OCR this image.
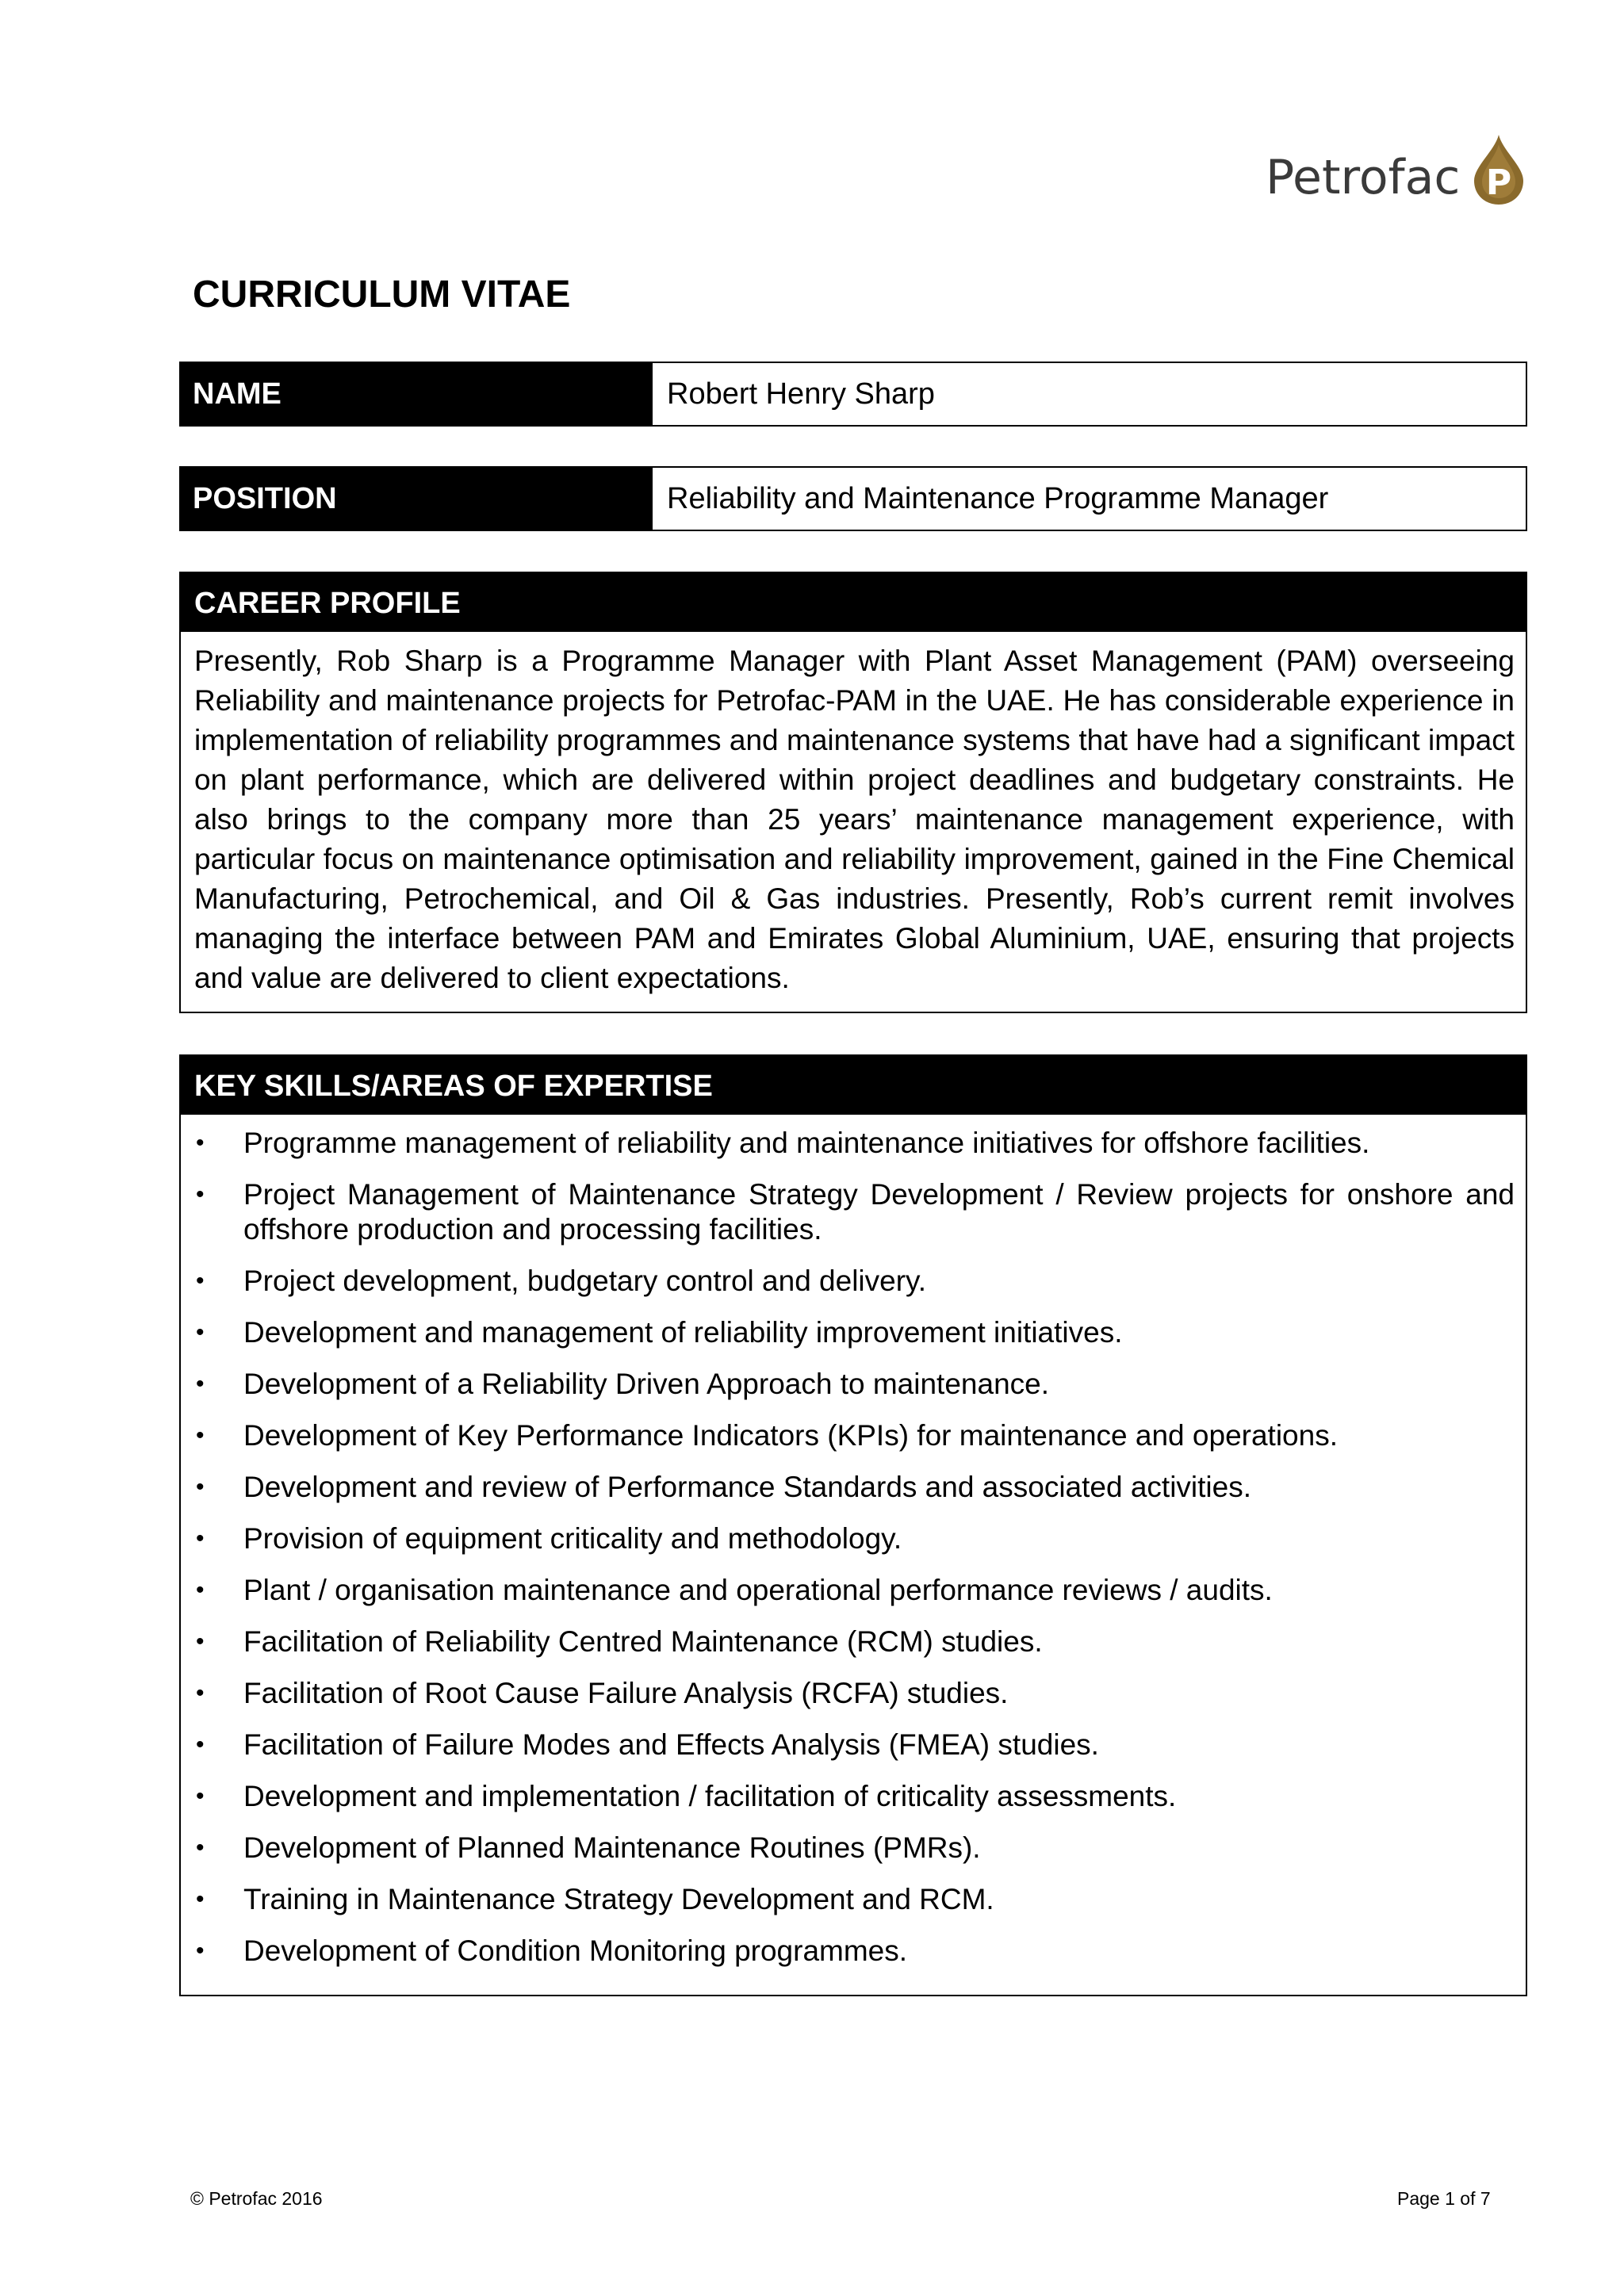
Petrofac P
CURRICULUM VITAE
NAME	Robert Henry Sharp
POSITION	Reliability and Maintenance Programme Manager
CAREER PROFILE

Presently, Rob Sharp is a Programme Manager with Plant Asset Management (PAM) overseeing Reliability and maintenance projects for Petrofac-PAM in the UAE. He has considerable experience in implementation of reliability programmes and maintenance systems that have had a significant impact on plant performance, which are delivered within project deadlines and budgetary constraints. He also brings to the company more than 25 years’ maintenance management experience, with particular focus on maintenance optimisation and reliability improvement, gained in the Fine Chemical Manufacturing, Petrochemical, and Oil & Gas industries. Presently, Rob’s current remit involves managing the interface between PAM and Emirates Global Aluminium, UAE, ensuring that projects and value are delivered to client expectations.

KEY SKILLS/AREAS OF EXPERTISE
• Programme management of reliability and maintenance initiatives for offshore facilities.
• Project Management of Maintenance Strategy Development / Review projects for onshore and offshore production and processing facilities.
• Project development, budgetary control and delivery.
• Development and management of reliability improvement initiatives.
• Development of a Reliability Driven Approach to maintenance.
• Development of Key Performance Indicators (KPIs) for maintenance and operations.
• Development and review of Performance Standards and associated activities.
• Provision of equipment criticality and methodology.
• Plant / organisation maintenance and operational performance reviews / audits.
• Facilitation of Reliability Centred Maintenance (RCM) studies.
• Facilitation of Root Cause Failure Analysis (RCFA) studies.
• Facilitation of Failure Modes and Effects Analysis (FMEA) studies.
• Development and implementation / facilitation of criticality assessments.
• Development of Planned Maintenance Routines (PMRs).
• Training in Maintenance Strategy Development and RCM.
• Development of Condition Monitoring programmes.
© Petrofac 2016	Page 1 of 7
